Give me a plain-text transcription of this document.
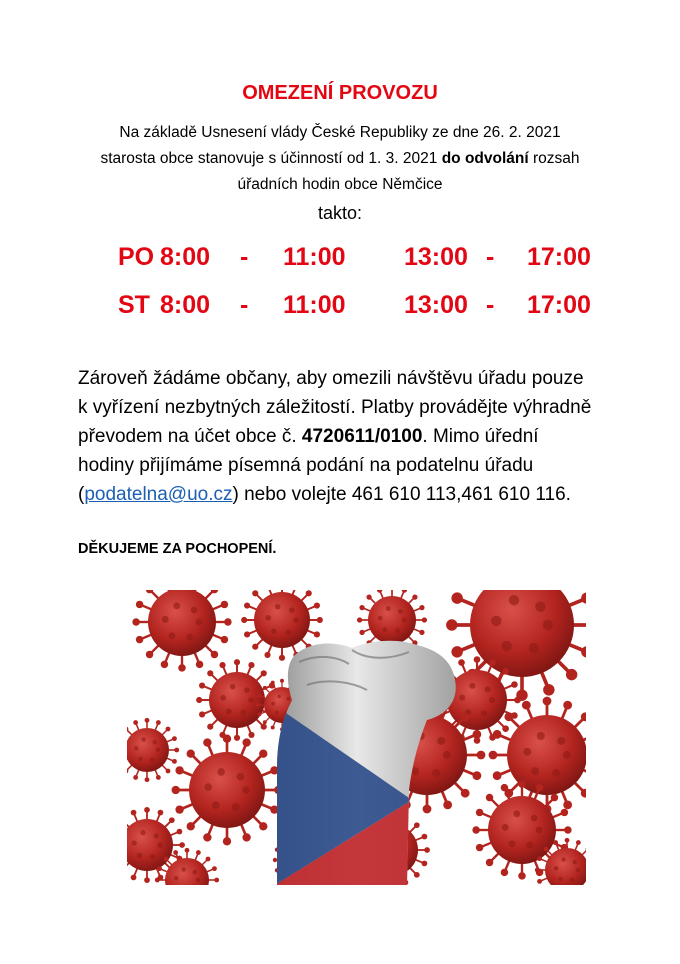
OMEZENÍ PROVOZU
Na základě Usnesení vlády České Republiky ze dne 26. 2. 2021
starosta obce stanovuje s účinností od 1. 3. 2021 do odvolání rozsah
úřadních hodin obce Němčice
takto:
PO 8:00 - 11:00 13:00 - 17:00
ST 8:00 - 11:00 13:00 - 17:00
Zároveň žádáme občany, aby omezili návštěvu úřadu pouze
k vyřízení nezbytných záležitostí. Platby provádějte výhradně
převodem na účet obce č. 4720611/0100. Mimo úřední
hodiny přijímáme písemná podání na podatelnu úřadu
(podatelna@uo.cz) nebo volejte 461 610 113,461 610 116.
DĚKUJEME ZA POCHOPENÍ.
